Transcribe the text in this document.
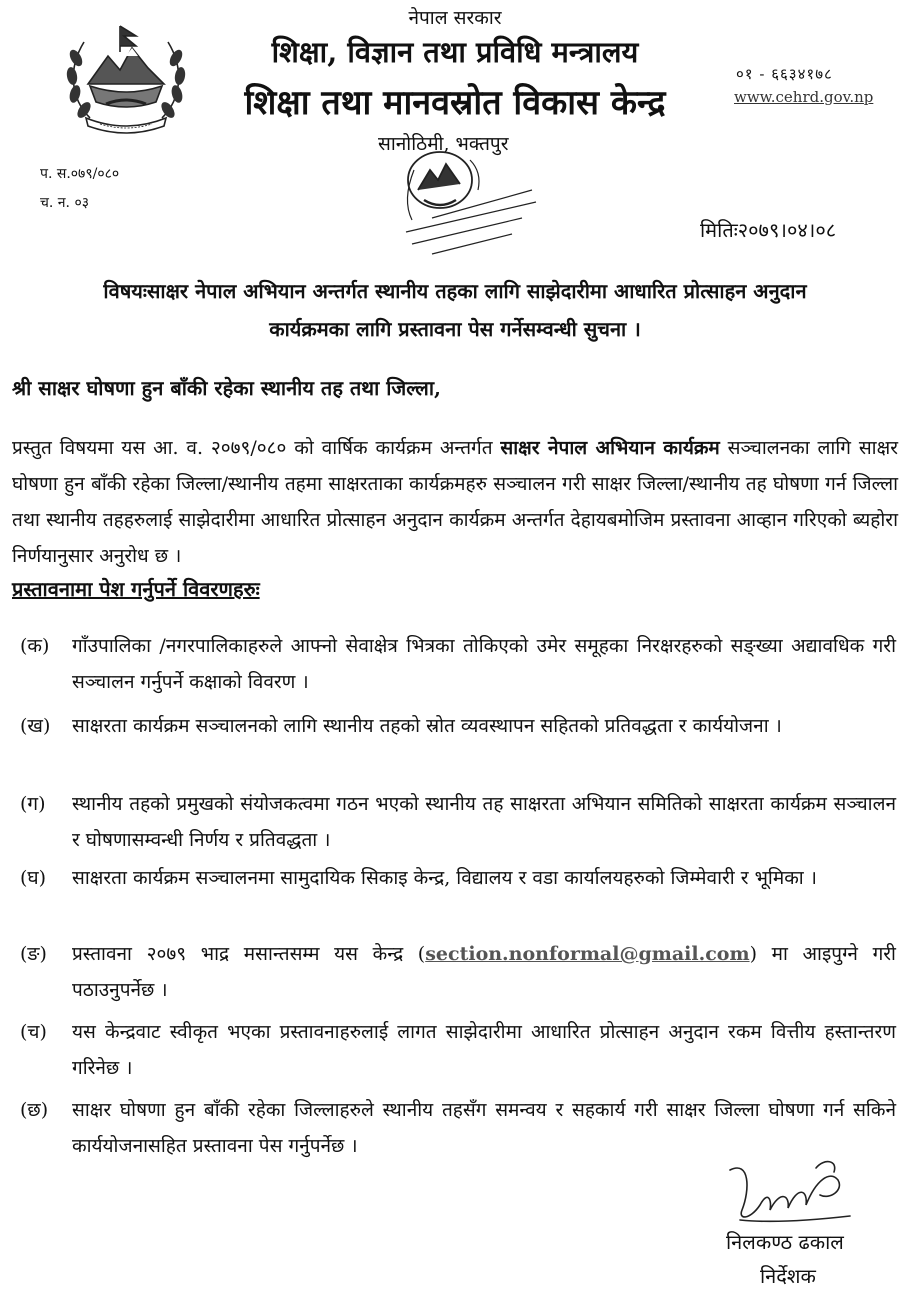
नेपाल सरकार
शिक्षा, विज्ञान तथा प्रविधि मन्त्रालय
शिक्षा तथा मानवस्रोत विकास केन्द्र
०१ - ६६३४१७८
www.cehrd.gov.np
सानोठिमी, भक्तपुर
प. स.०७९/०८०
च. न. ०३
मितिः२०७९।०४।०८
विषयःसाक्षर नेपाल अभियान अन्तर्गत स्थानीय तहका लागि साझेदारीमा आधारित प्रोत्साहन अनुदान
कार्यक्रमका लागि प्रस्तावना पेस गर्नेसम्वन्धी सुचना ।
श्री साक्षर घोषणा हुन बाँकी रहेका स्थानीय तह तथा जिल्ला,
प्रस्तुत विषयमा यस आ. व. २०७९/०८० को वार्षिक कार्यक्रम अन्तर्गत साक्षर नेपाल अभियान कार्यक्रम सञ्चालनका लागि साक्षर घोषणा हुन बाँकी रहेका जिल्ला/स्थानीय तहमा साक्षरताका कार्यक्रमहरु सञ्चालन गरी साक्षर जिल्ला/स्थानीय तह घोषणा गर्न जिल्ला तथा स्थानीय तहहरुलाई साझेदारीमा आधारित प्रोत्साहन अनुदान कार्यक्रम अन्तर्गत देहायबमोजिम प्रस्तावना आव्हान गरिएको ब्यहोरा निर्णयानुसार अनुरोध छ ।
प्रस्तावनामा पेश गर्नुपर्ने विवरणहरुः
(क)	गाँउपालिका /नगरपालिकाहरुले आफ्नो सेवाक्षेत्र भित्रका तोकिएको उमेर समूहका निरक्षरहरुको सङ्ख्या अद्यावधिक गरी सञ्चालन गर्नुपर्ने कक्षाको विवरण ।
(ख)	साक्षरता कार्यक्रम सञ्चालनको लागि स्थानीय तहको स्रोत व्यवस्थापन सहितको प्रतिवद्धता र कार्ययोजना ।
(ग)	स्थानीय तहको प्रमुखको संयोजकत्वमा गठन भएको स्थानीय तह साक्षरता अभियान समितिको साक्षरता कार्यक्रम सञ्चालन र घोषणासम्वन्धी निर्णय र प्रतिवद्धता ।
(घ)	साक्षरता कार्यक्रम सञ्चालनमा सामुदायिक सिकाइ केन्द्र, विद्यालय र वडा कार्यालयहरुको जिम्मेवारी र भूमिका ।
(ङ)	प्रस्तावना २०७९ भाद्र मसान्तसम्म यस केन्द्र (section.nonformal@gmail.com) मा आइपुग्ने गरी पठाउनुपर्नेछ ।
(च)	यस केन्द्रवाट स्वीकृत भएका प्रस्तावनाहरुलाई लागत साझेदारीमा आधारित प्रोत्साहन अनुदान रकम वित्तीय हस्तान्तरण गरिनेछ ।
(छ)	साक्षर घोषणा हुन बाँकी रहेका जिल्लाहरुले स्थानीय तहसँग समन्वय र सहकार्य गरी साक्षर जिल्ला घोषणा गर्न सकिने कार्ययोजनासहित प्रस्तावना पेस गर्नुपर्नेछ ।
निलकण्ठ ढकाल
निर्देशक
